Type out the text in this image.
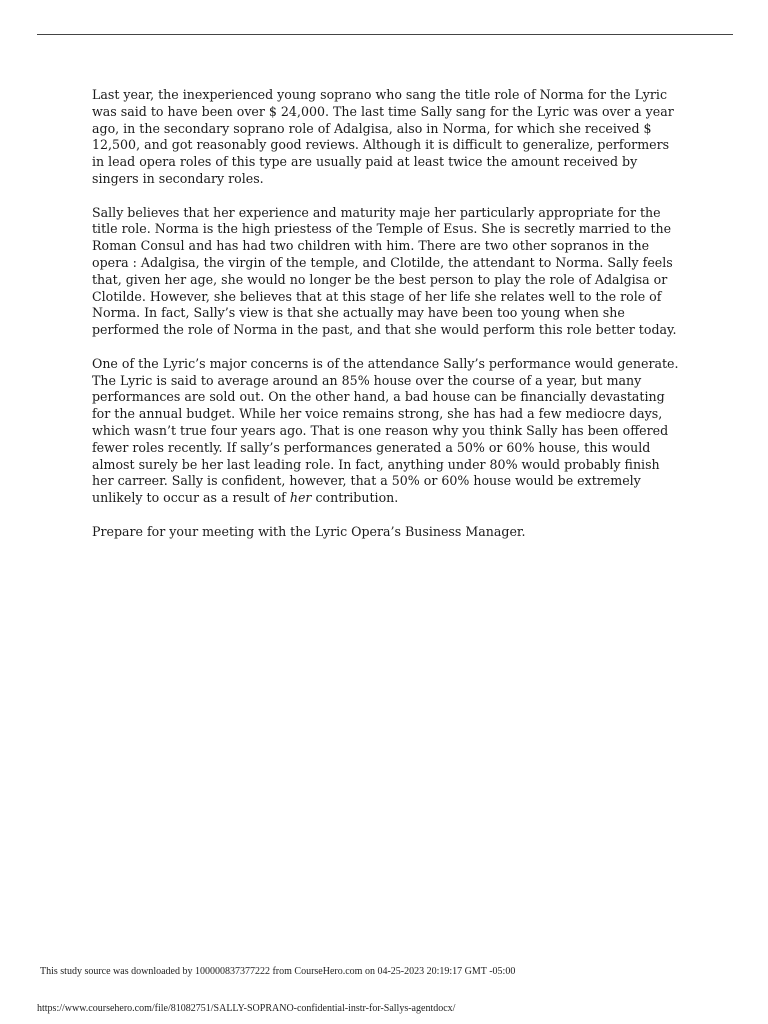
Last year, the inexperienced young soprano who sang the title role of Norma for the Lyric was said to have been over $ 24,000. The last time Sally sang for the Lyric was over a year ago, in the secondary soprano role of Adalgisa, also in Norma, for which she received $ 12,500, and got reasonably good reviews. Although it is difficult to generalize, performers in lead opera roles of this type are usually paid at least twice the amount received by singers in secondary roles.

Sally believes that her experience and maturity maje her particularly appropriate for the title role. Norma is the high priestess of the Temple of Esus. She is secretly married to the Roman Consul and has had two children with him. There are two other sopranos in the opera : Adalgisa, the virgin of the temple, and Clotilde, the attendant to Norma. Sally feels that, given her age, she would no longer be the best person to play the role of Adalgisa or Clotilde. However, she believes that at this stage of her life she relates well to the role of Norma. In fact, Sally’s view is that she actually may have been too young when she performed the role of Norma in the past, and that she would perform this role better today.

One of the Lyric’s major concerns is of the attendance Sally’s performance would generate. The Lyric is said to average around an 85% house over the course of a year, but many performances are sold out. On the other hand, a bad house can be financially devastating for the annual budget. While her voice remains strong, she has had a few mediocre days, which wasn’t true four years ago. That is one reason why you think Sally has been offered fewer roles recently. If sally’s performances generated a 50% or 60% house, this would almost surely be her last leading role. In fact, anything under 80% would probably finish her carreer. Sally is confident, however, that a 50% or 60% house would be extremely unlikely to occur as a result of her contribution.

Prepare for your meeting with the Lyric Opera’s Business Manager.

This study source was downloaded by 100000837377222 from CourseHero.com on 04-25-2023 20:19:17 GMT -05:00
https://www.coursehero.com/file/81082751/SALLY-SOPRANO-confidential-instr-for-Sallys-agentdocx/
